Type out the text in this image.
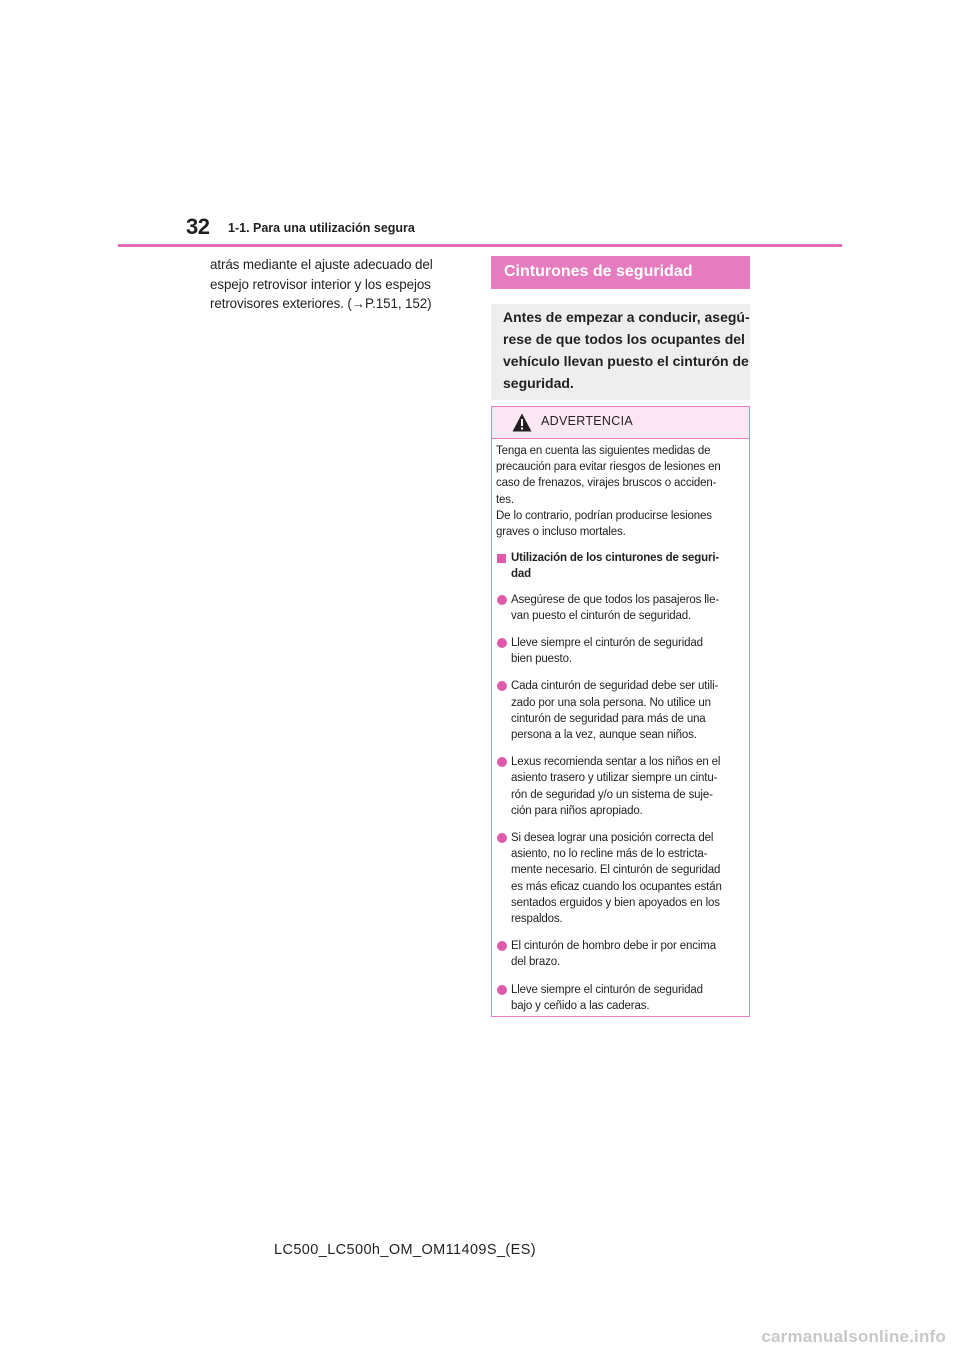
32 1-1. Para una utilización segura
atrás mediante el ajuste adecuado del
espejo retrovisor interior y los espejos
retrovisores exteriores. (→P.151, 152)
Cinturones de seguridad
Antes de empezar a conducir, asegú-
rese de que todos los ocupantes del
vehículo llevan puesto el cinturón de
seguridad.
ADVERTENCIA
Tenga en cuenta las siguientes medidas de
precaución para evitar riesgos de lesiones en
caso de frenazos, virajes bruscos o acciden-
tes.
De lo contrario, podrían producirse lesiones
graves o incluso mortales.
Utilización de los cinturones de seguri-
dad
Asegúrese de que todos los pasajeros lle-
van puesto el cinturón de seguridad.
Lleve siempre el cinturón de seguridad
bien puesto.
Cada cinturón de seguridad debe ser utili-
zado por una sola persona. No utilice un
cinturón de seguridad para más de una
persona a la vez, aunque sean niños.
Lexus recomienda sentar a los niños en el
asiento trasero y utilizar siempre un cintu-
rón de seguridad y/o un sistema de suje-
ción para niños apropiado.
Si desea lograr una posición correcta del
asiento, no lo recline más de lo estricta-
mente necesario. El cinturón de seguridad
es más eficaz cuando los ocupantes están
sentados erguidos y bien apoyados en los
respaldos.
El cinturón de hombro debe ir por encima
del brazo.
Lleve siempre el cinturón de seguridad
bajo y ceñido a las caderas.
LC500_LC500h_OM_OM11409S_(ES)
carmanualsonline.info
